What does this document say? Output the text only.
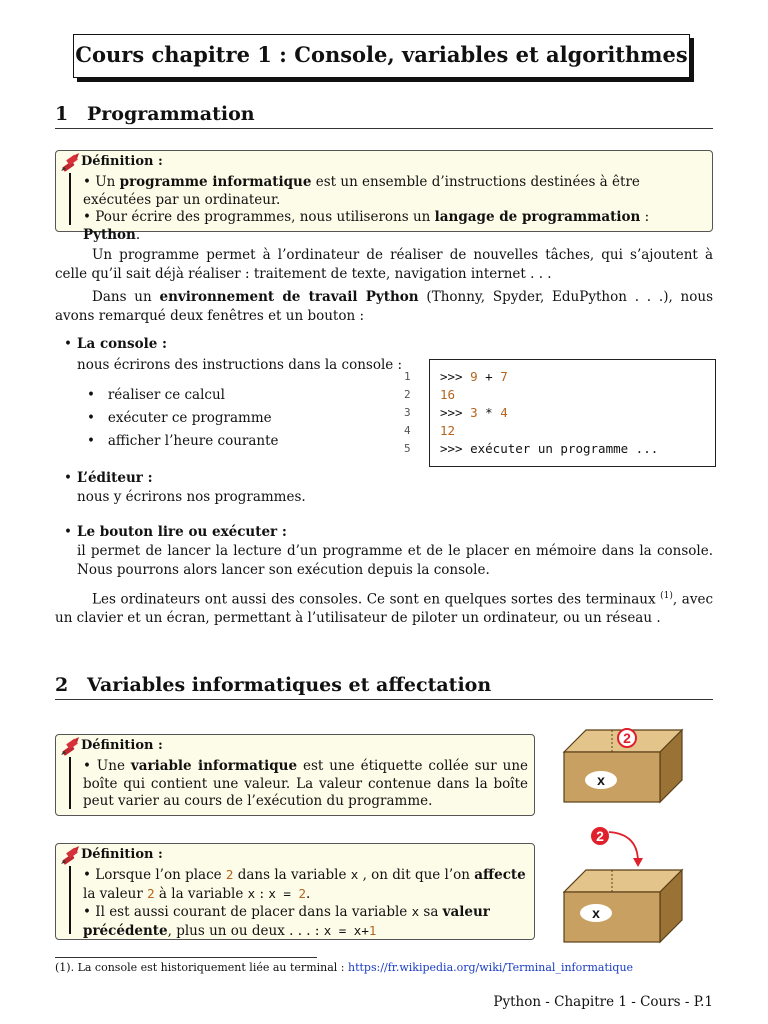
Cours chapitre 1 : Console, variables et algorithmes
1 Programmation
Définition :
• Un programme informatique est un ensemble d’instructions destinées à être exécutées par un ordinateur.
• Pour écrire des programmes, nous utiliserons un langage de programmation : Python.
Un programme permet à l’ordinateur de réaliser de nouvelles tâches, qui s’ajoutent à celle qu’il sait déjà réaliser : traitement de texte, navigation internet . . .
Dans un environnement de travail Python (Thonny, Spyder, EduPython . . .), nous avons remarqué deux fenêtres et un bouton :
• La console :
nous écrirons des instructions dans la console :
•   réaliser ce calcul
•   exécuter ce programme
•   afficher l’heure courante
1
2
3
4
5
>>> 9 + 7
16
>>> 3 * 4
12
>>> exécuter un programme ...
• L’éditeur :
nous y écrirons nos programmes.
• Le bouton lire ou exécuter :
il permet de lancer la lecture d’un programme et de le placer en mémoire dans la console. Nous pourrons alors lancer son exécution depuis la console.
Les ordinateurs ont aussi des consoles. Ce sont en quelques sortes des terminaux $^{(1)}$, avec un clavier et un écran, permettant à l’utilisateur de piloter un ordinateur, ou un réseau .
2 Variables informatiques et affectation
Définition :
• Une variable informatique est une étiquette collée sur une boîte qui contient une valeur. La valeur contenue dans la boîte peut varier au cours de l’exécution du programme.
Définition :
• Lorsque l’on place 2 dans la variable x , on dit que l’on affecte la valeur 2 à la variable x : x = 2.
• Il est aussi courant de placer dans la variable x sa valeur précédente, plus un ou deux . . . : x = x+1
x
2
2
x
(1). La console est historiquement liée au terminal : https://fr.wikipedia.org/wiki/Terminal_informatique
Python - Chapitre 1 - Cours - P.1
